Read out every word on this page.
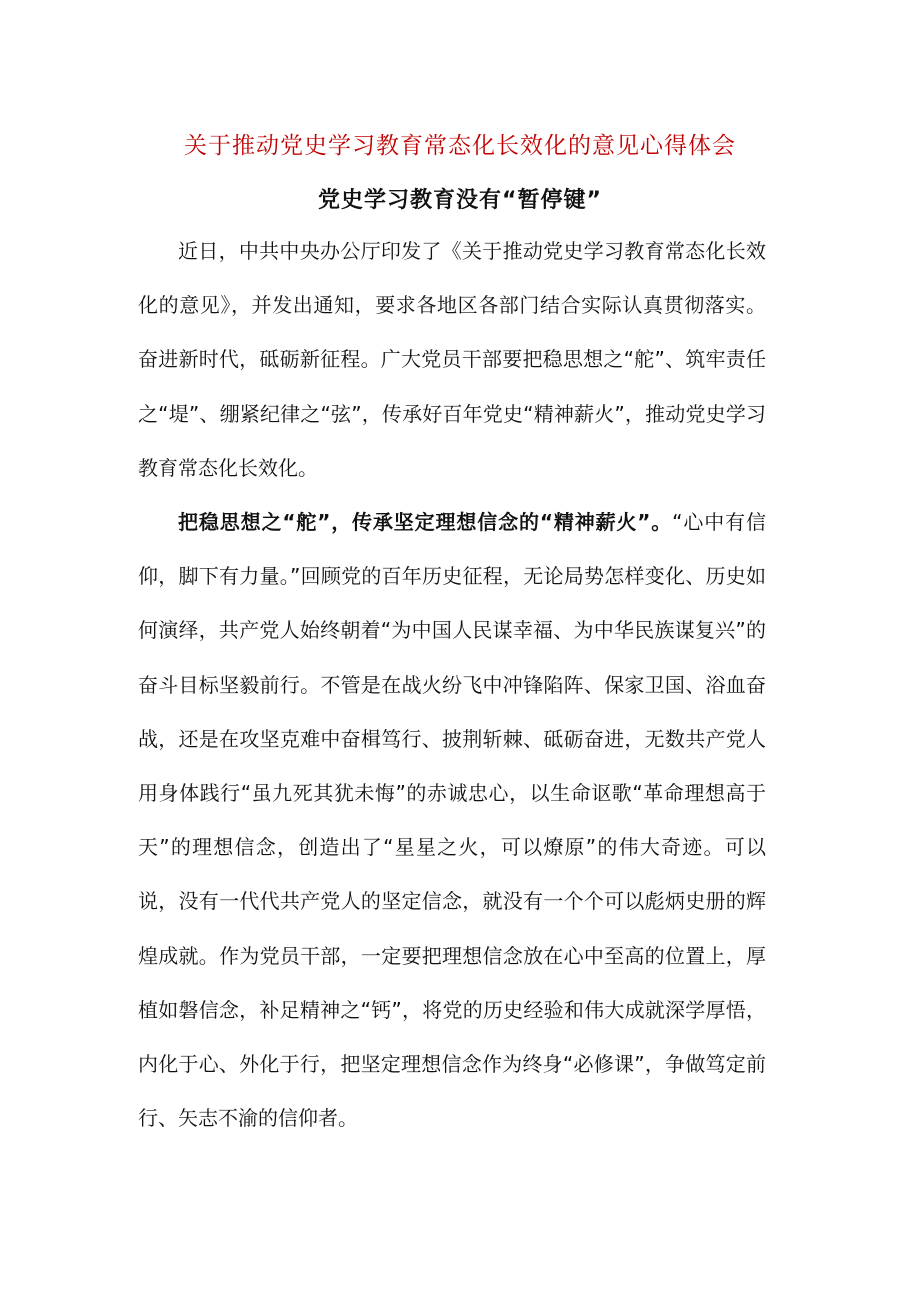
关于推动党史学习教育常态化长效化的意见心得体会
党史学习教育没有“暂停键”

近日，中共中央办公厅印发了《关于推动党史学习教育常态化长效化的意见》，并发出通知，要求各地区各部门结合实际认真贯彻落实。奋进新时代，砥砺新征程。广大党员干部要把稳思想之“舵”、筑牢责任之“堤”、绷紧纪律之“弦”，传承好百年党史“精神薪火”，推动党史学习教育常态化长效化。

把稳思想之“舵”，传承坚定理想信念的“精神薪火”。“心中有信仰，脚下有力量。”回顾党的百年历史征程，无论局势怎样变化、历史如何演绎，共产党人始终朝着“为中国人民谋幸福、为中华民族谋复兴”的奋斗目标坚毅前行。不管是在战火纷飞中冲锋陷阵、保家卫国、浴血奋战，还是在攻坚克难中奋楫笃行、披荆斩棘、砥砺奋进，无数共产党人用身体践行“虽九死其犹未悔”的赤诚忠心，以生命讴歌“革命理想高于天”的理想信念，创造出了“星星之火，可以燎原”的伟大奇迹。可以说，没有一代代共产党人的坚定信念，就没有一个个可以彪炳史册的辉煌成就。作为党员干部，一定要把理想信念放在心中至高的位置上，厚植如磐信念，补足精神之“钙”，将党的历史经验和伟大成就深学厚悟，内化于心、外化于行，把坚定理想信念作为终身“必修课”，争做笃定前行、矢志不渝的信仰者。
